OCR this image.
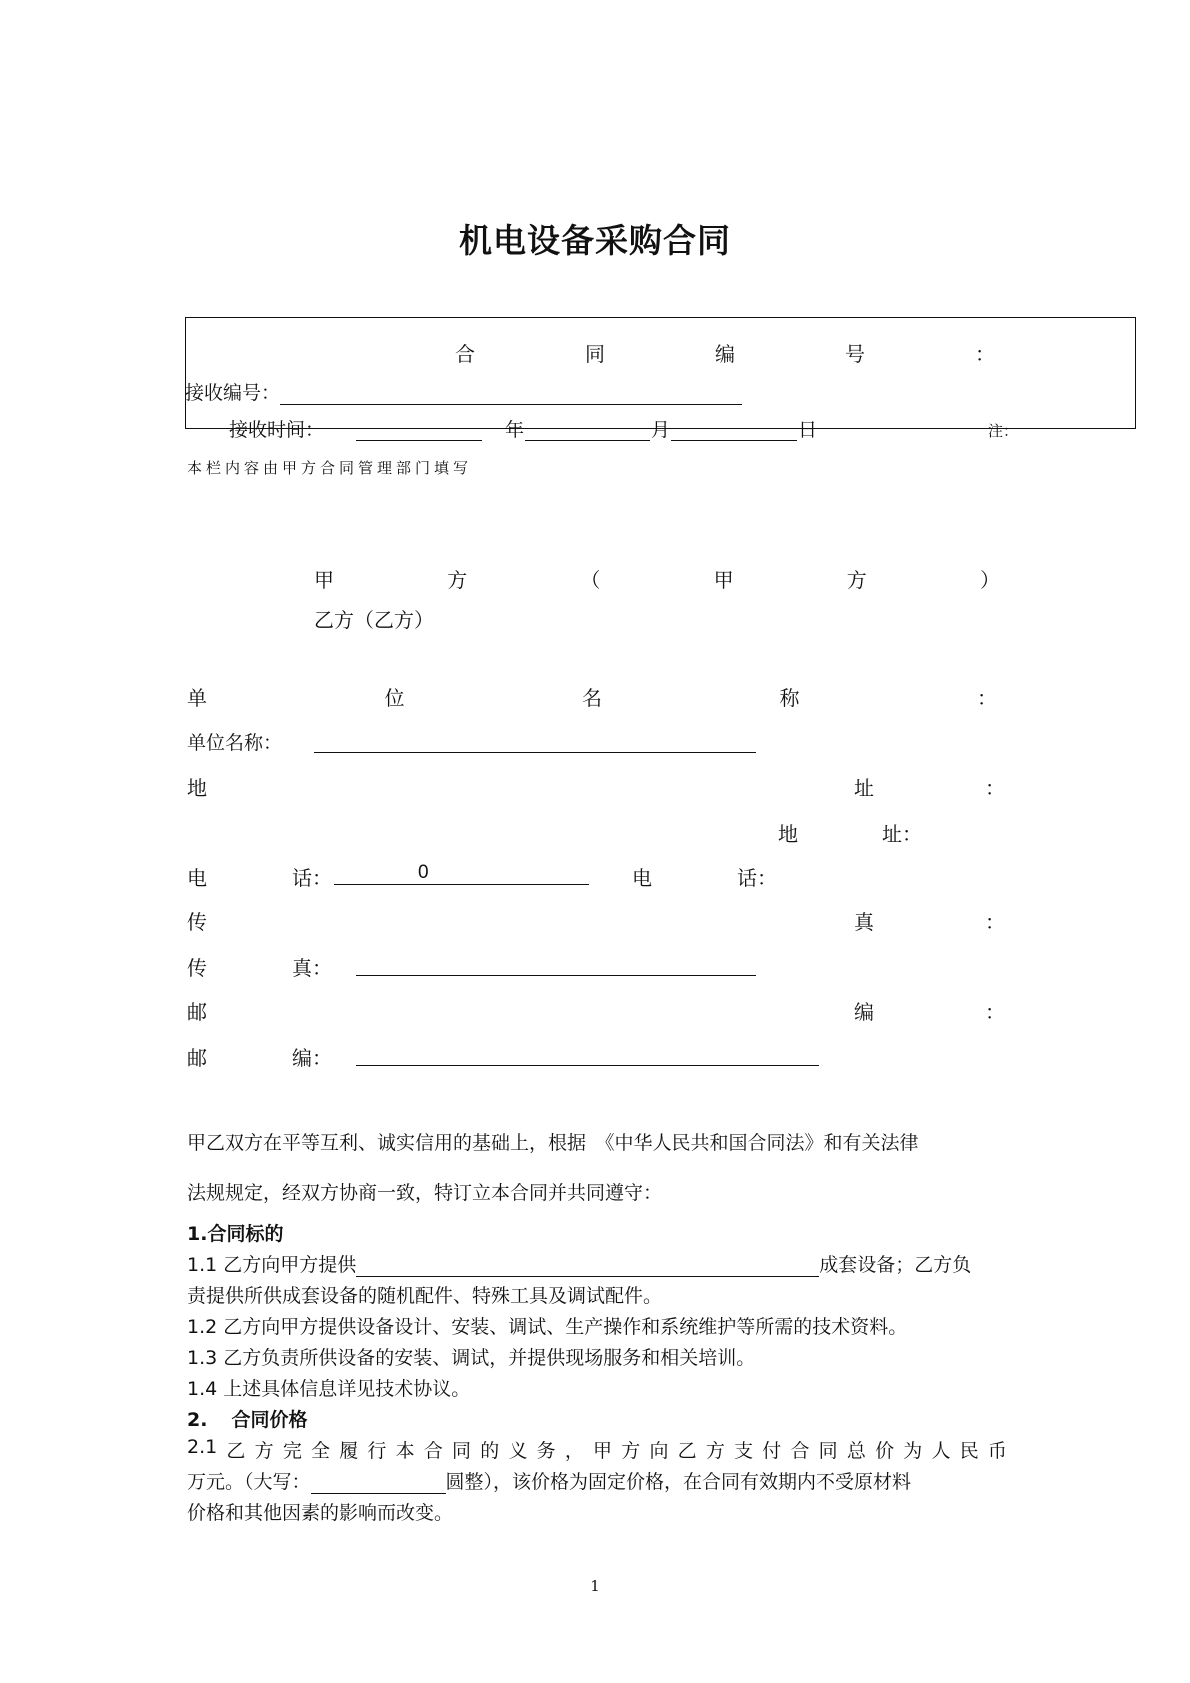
机电设备采购合同
合	同	编	号	：
接收编号：
接收时间：	年	月	日	注：
本栏内容由甲方合同管理部门填写
甲	方	（	甲	方	）
乙方（乙方）
单	位	名	称	：
单位名称：
地	址	：
地	址：
电	话：	0	电	话：
传	真	：
传	真：
邮	编	：
邮	编：
甲乙双方在平等互利、诚实信用的基础上，根据　《中华人民共和国合同法》和有关法律
法规规定，经双方协商一致，特订立本合同并共同遵守：
1.合同标的
1.1 乙方向甲方提供	成套设备；乙方负
责提供所供成套设备的随机配件、特殊工具及调试配件。
1.2 乙方向甲方提供设备设计、安装、调试、生产操作和系统维护等所需的技术资料。
1.3 乙方负责所供设备的安装、调试，并提供现场服务和相关培训。
1.4 上述具体信息详见技术协议。
2. 合同价格
2.1 乙 方 完 全 履 行 本 合 同 的 义 务 ， 甲 方 向 乙 方 支 付 合 同 总 价 为 人 民 币
万元。（大写：	圆整），该价格为固定价格，在合同有效期内不受原材料
价格和其他因素的影响而改变。
1
